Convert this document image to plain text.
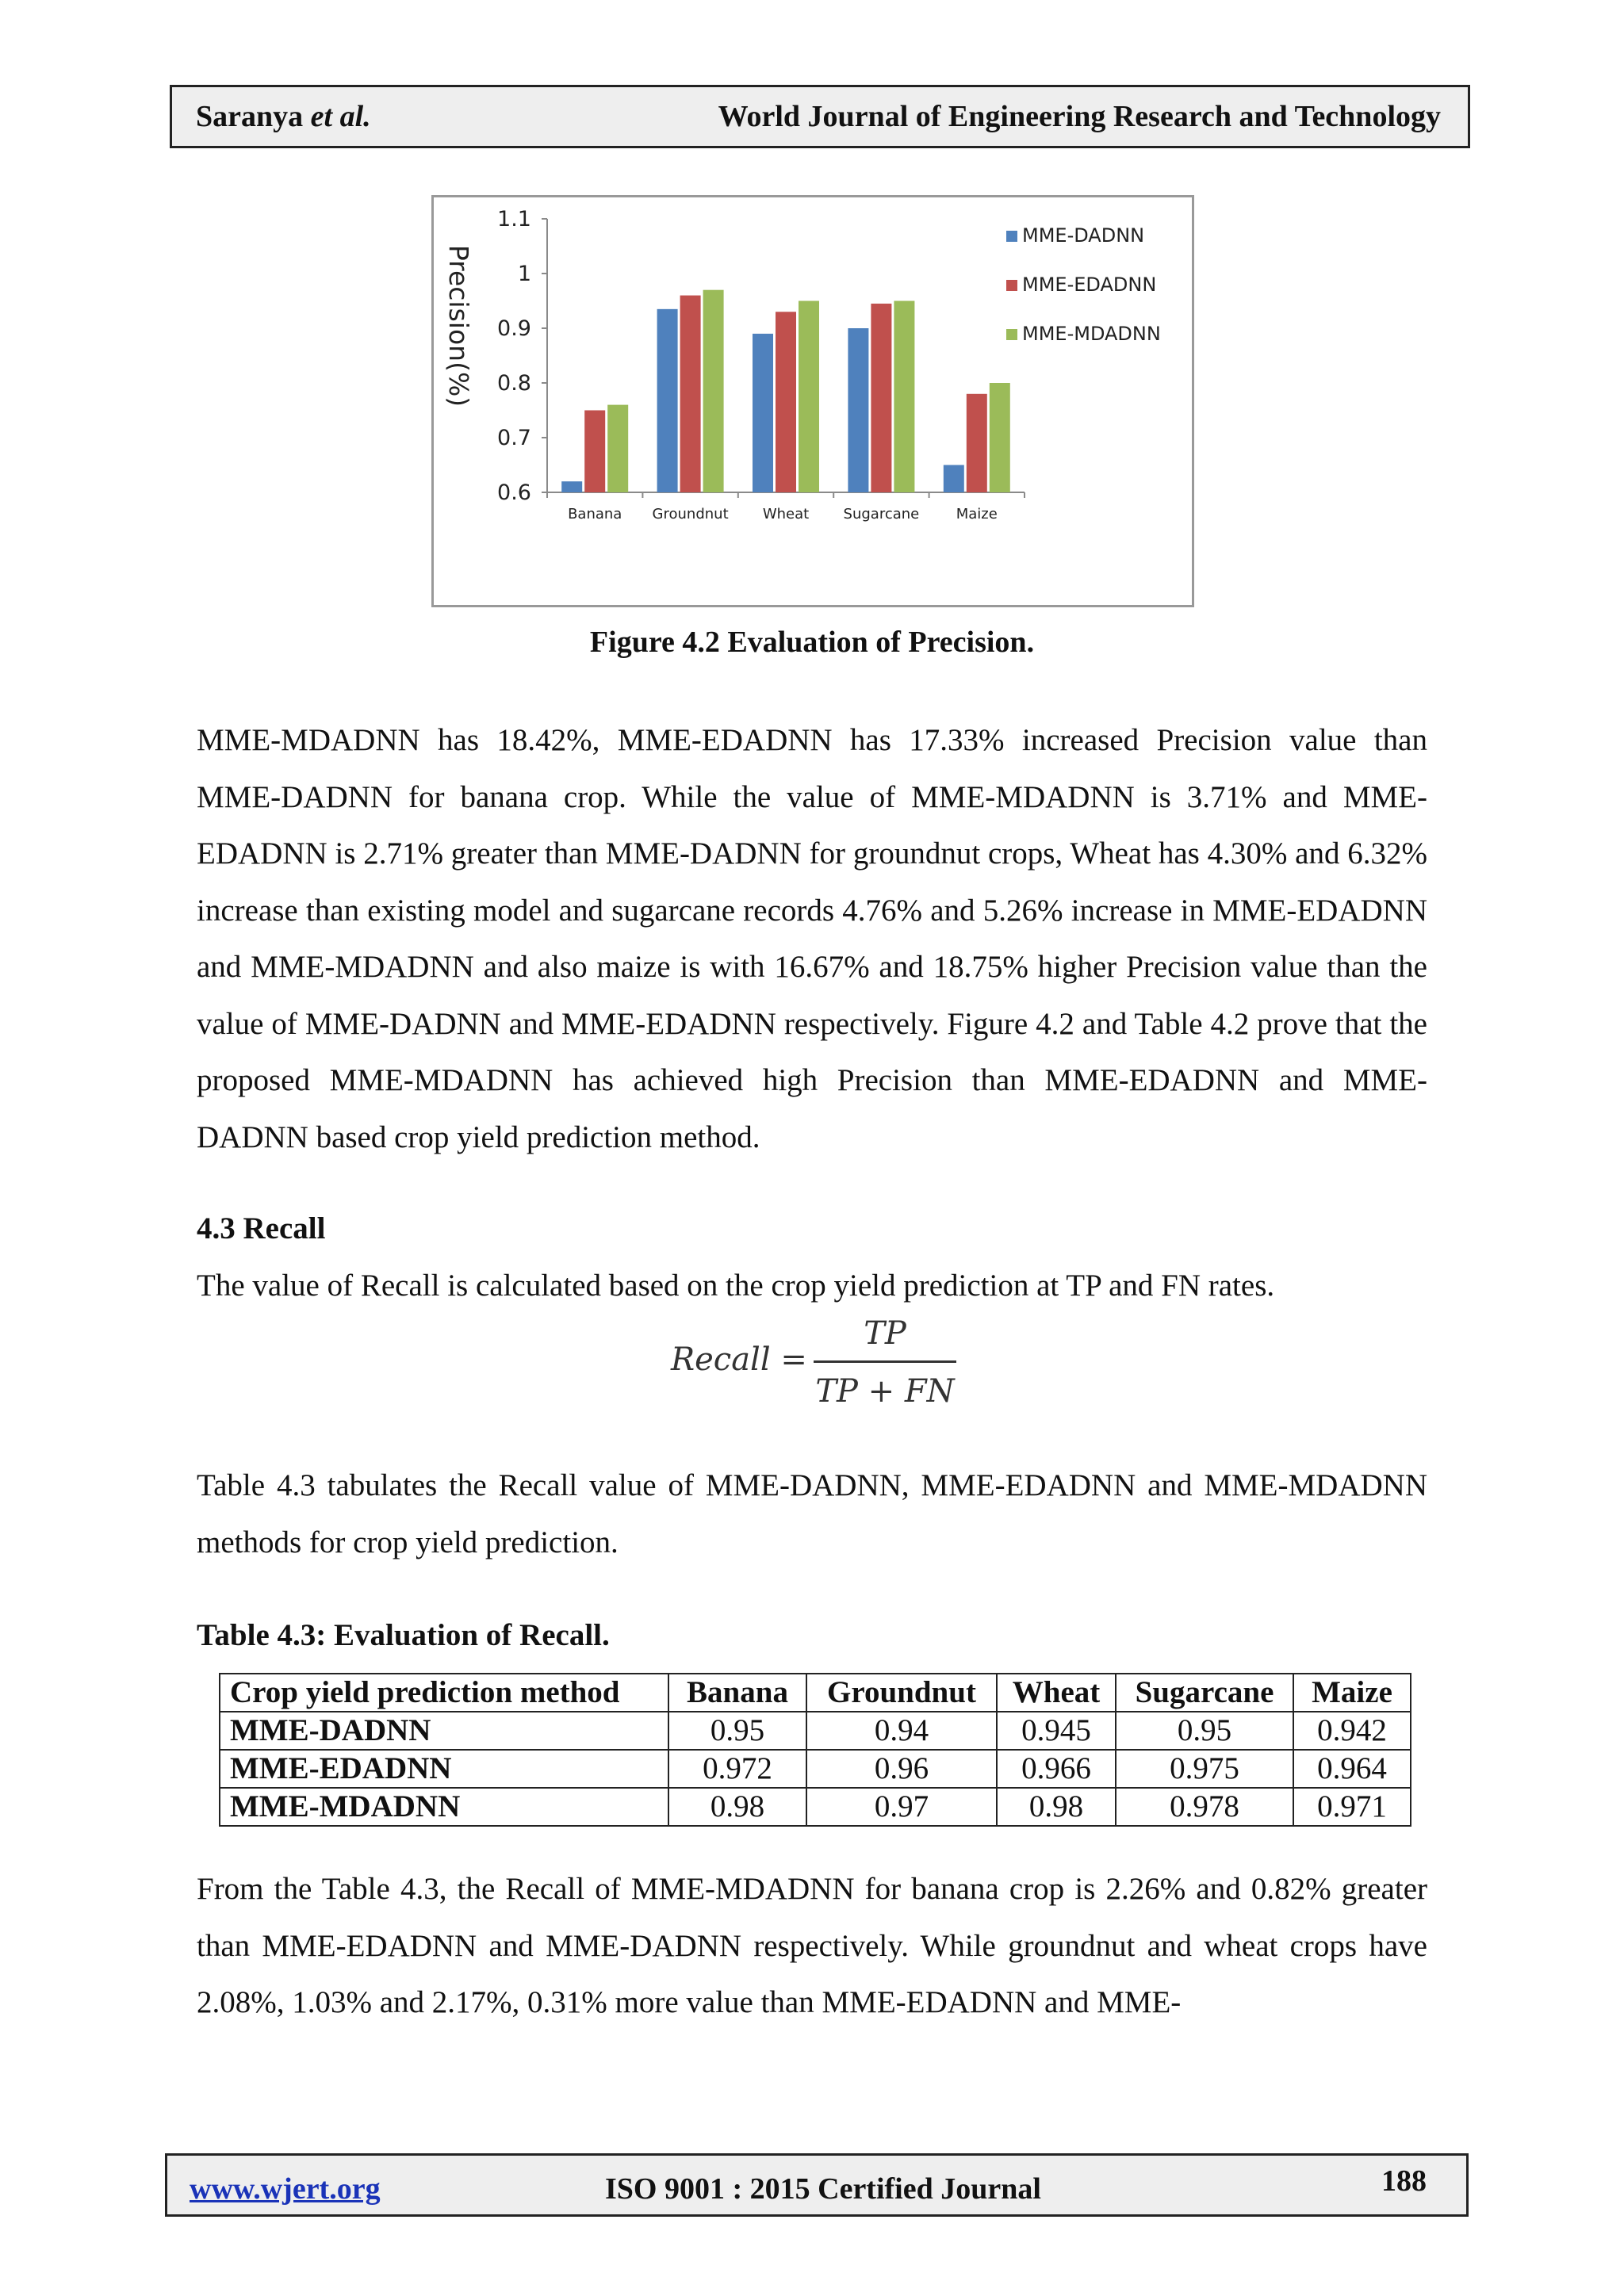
Saranya et al.	World Journal of Engineering Research and Technology
0.6
0.7
0.8
0.9
1
1.1
Banana Groundnut Wheat Sugarcane	Maize
Precision(%)
MME-DADNN
MME-EDADNN
MME-MDADNN
Figure 4.2 Evaluation of Precision.
MME-MDADNN has 18.42%, MME-EDADNN has 17.33% increased Precision value than MME-DADNN for banana crop. While the value of MME-MDADNN is 3.71% and MME-EDADNN is 2.71% greater than MME-DADNN for groundnut crops, Wheat has 4.30% and 6.32% increase than existing model and sugarcane records 4.76% and 5.26% increase in MME-EDADNN and MME-MDADNN and also maize is with 16.67% and 18.75% higher Precision value than the value of MME-DADNN and MME-EDADNN respectively. Figure 4.2 and Table 4.2 prove that the proposed MME-MDADNN has achieved high Precision than MME-EDADNN and MME-DADNN based crop yield prediction method.
4.3 Recall
The value of Recall is calculated based on the crop yield prediction at TP and FN rates.
Recall =
TP
TP + FN
Table 4.3 tabulates the Recall value of MME-DADNN, MME-EDADNN and MME-MDADNN methods for crop yield prediction.
Table 4.3: Evaluation of Recall.
Crop yield prediction method	Banana	Groundnut	Wheat	Sugarcane	Maize
MME-DADNN	0.95	0.94	0.945	0.95	0.942
MME-EDADNN	0.972	0.96	0.966	0.975	0.964
MME-MDADNN	0.98	0.97	0.98	0.978	0.971
From the Table 4.3, the Recall of MME-MDADNN for banana crop is 2.26% and 0.82% greater than MME-EDADNN and MME-DADNN respectively. While groundnut and wheat crops have 2.08%, 1.03% and 2.17%, 0.31% more value than MME-EDADNN and MME-
www.wjert.org	ISO 9001 : 2015 Certified Journal	188
